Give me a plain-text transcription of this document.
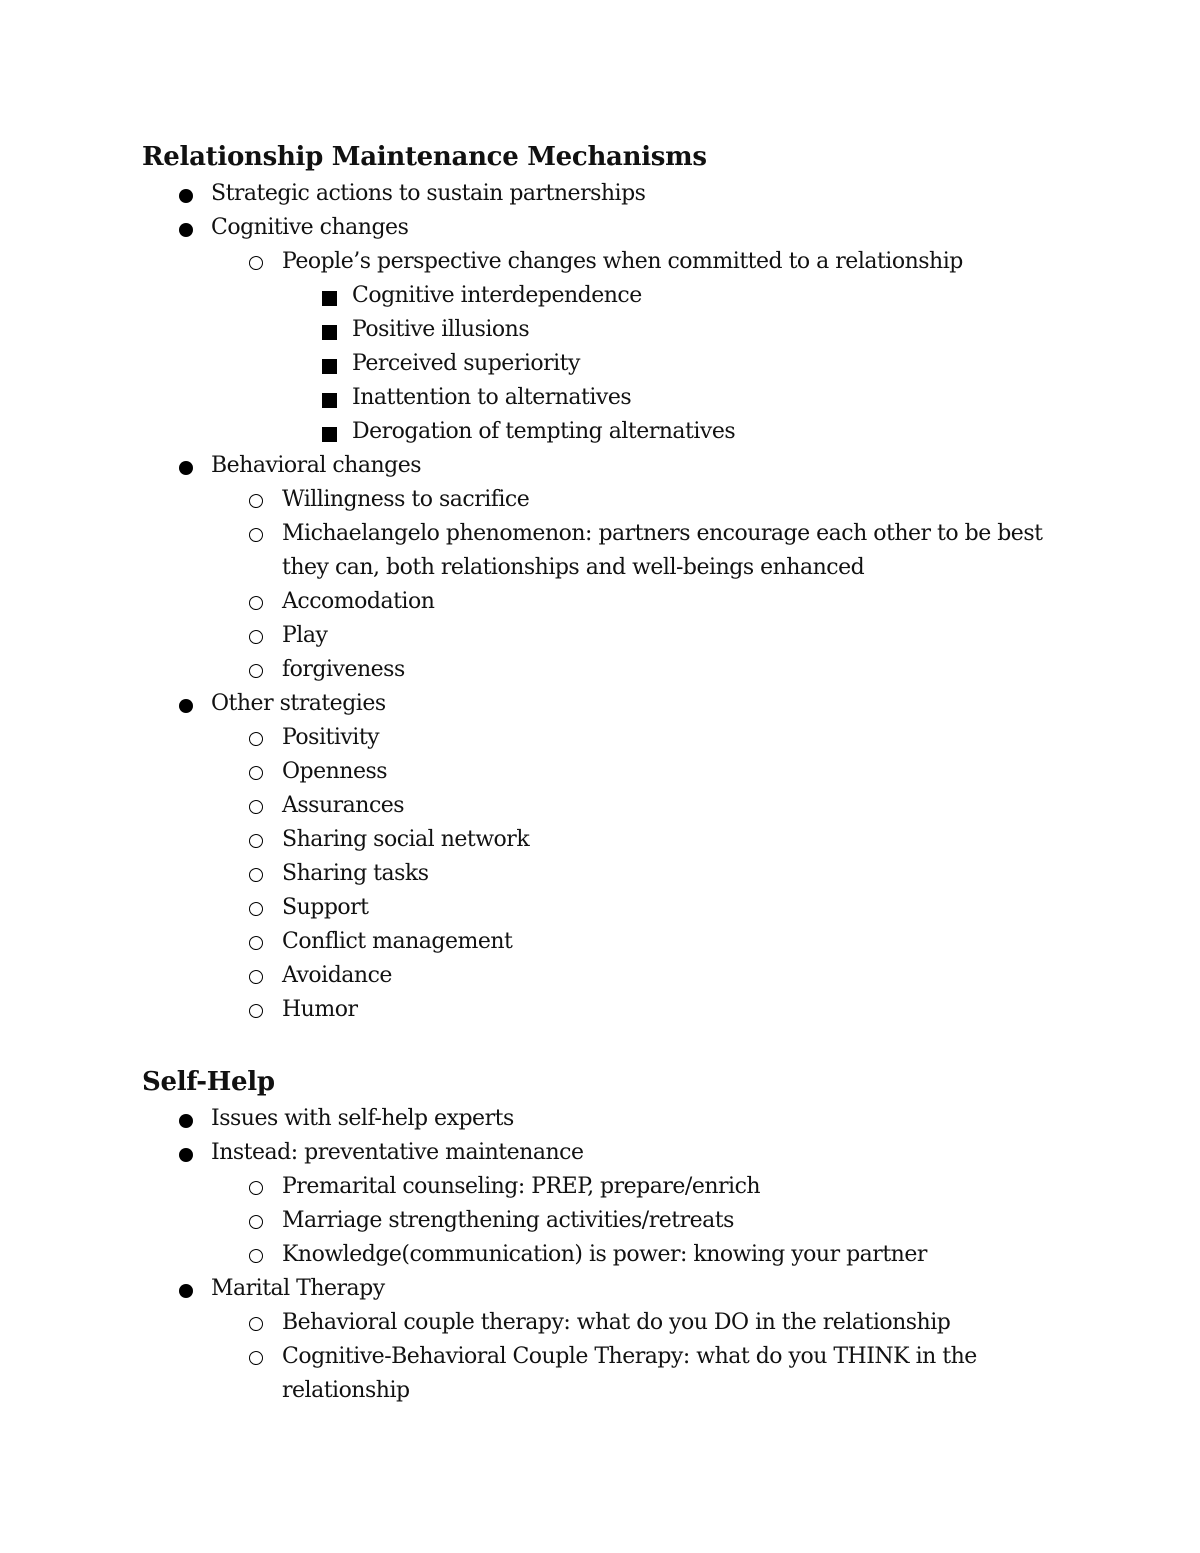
Relationship Maintenance Mechanisms
Strategic actions to sustain partnerships
Cognitive changes
People’s perspective changes when committed to a relationship
Cognitive interdependence
Positive illusions
Perceived superiority
Inattention to alternatives
Derogation of tempting alternatives
Behavioral changes
Willingness to sacrifice
Michaelangelo phenomenon: partners encourage each other to be best they can, both relationships and well-beings enhanced
Accomodation
Play
forgiveness
Other strategies
Positivity
Openness
Assurances
Sharing social network
Sharing tasks
Support
Conflict management
Avoidance
Humor
Self-Help
Issues with self-help experts
Instead: preventative maintenance
Premarital counseling: PREP, prepare/enrich
Marriage strengthening activities/retreats
Knowledge(communication) is power: knowing your partner
Marital Therapy
Behavioral couple therapy: what do you DO in the relationship
Cognitive-Behavioral Couple Therapy: what do you THINK in the relationship
